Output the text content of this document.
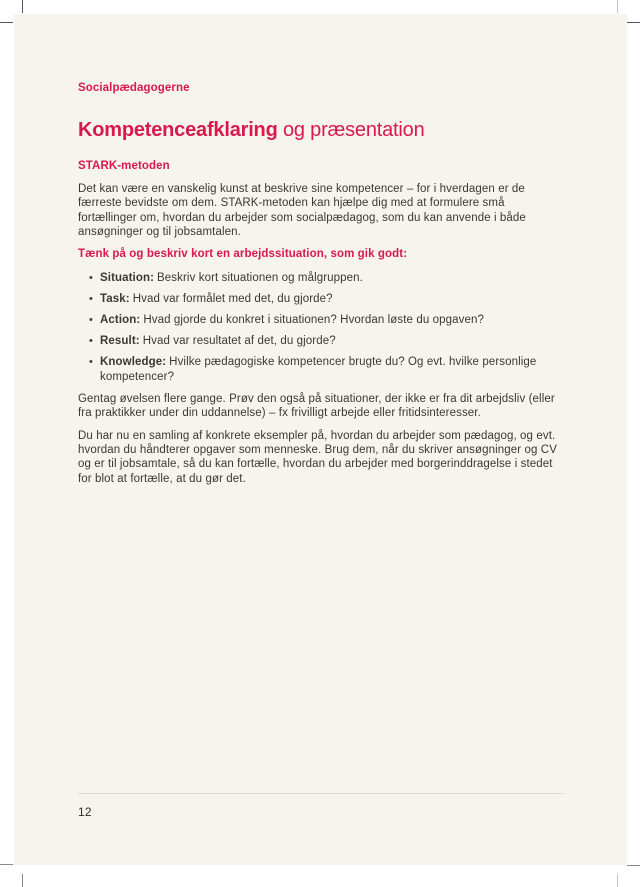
Socialpædagogerne
Kompetenceafklaring og præsentation
STARK-metoden

Det kan være en vanskelig kunst at beskrive sine kompetencer – for i hverdagen er de færreste bevidste om dem. STARK-metoden kan hjælpe dig med at formulere små fortællinger om, hvordan du arbejder som socialpædagog, som du kan anvende i både ansøgninger og til jobsamtalen.

Tænk på og beskriv kort en arbejdssituation, som gik godt:

• Situation: Beskriv kort situationen og målgruppen.
• Task: Hvad var formålet med det, du gjorde?
• Action: Hvad gjorde du konkret i situationen? Hvordan løste du opgaven?
• Result: Hvad var resultatet af det, du gjorde?
• Knowledge: Hvilke pædagogiske kompetencer brugte du? Og evt. hvilke personlige kompetencer?

Gentag øvelsen flere gange. Prøv den også på situationer, der ikke er fra dit arbejdsliv (eller fra praktikker under din uddannelse) – fx frivilligt arbejde eller fritidsinteresser.

Du har nu en samling af konkrete eksempler på, hvordan du arbejder som pædagog, og evt. hvordan du håndterer opgaver som menneske. Brug dem, når du skriver ansøgninger og CV og er til jobsamtale, så du kan fortælle, hvordan du arbejder med borgerinddragelse i stedet for blot at fortælle, at du gør det.

12
